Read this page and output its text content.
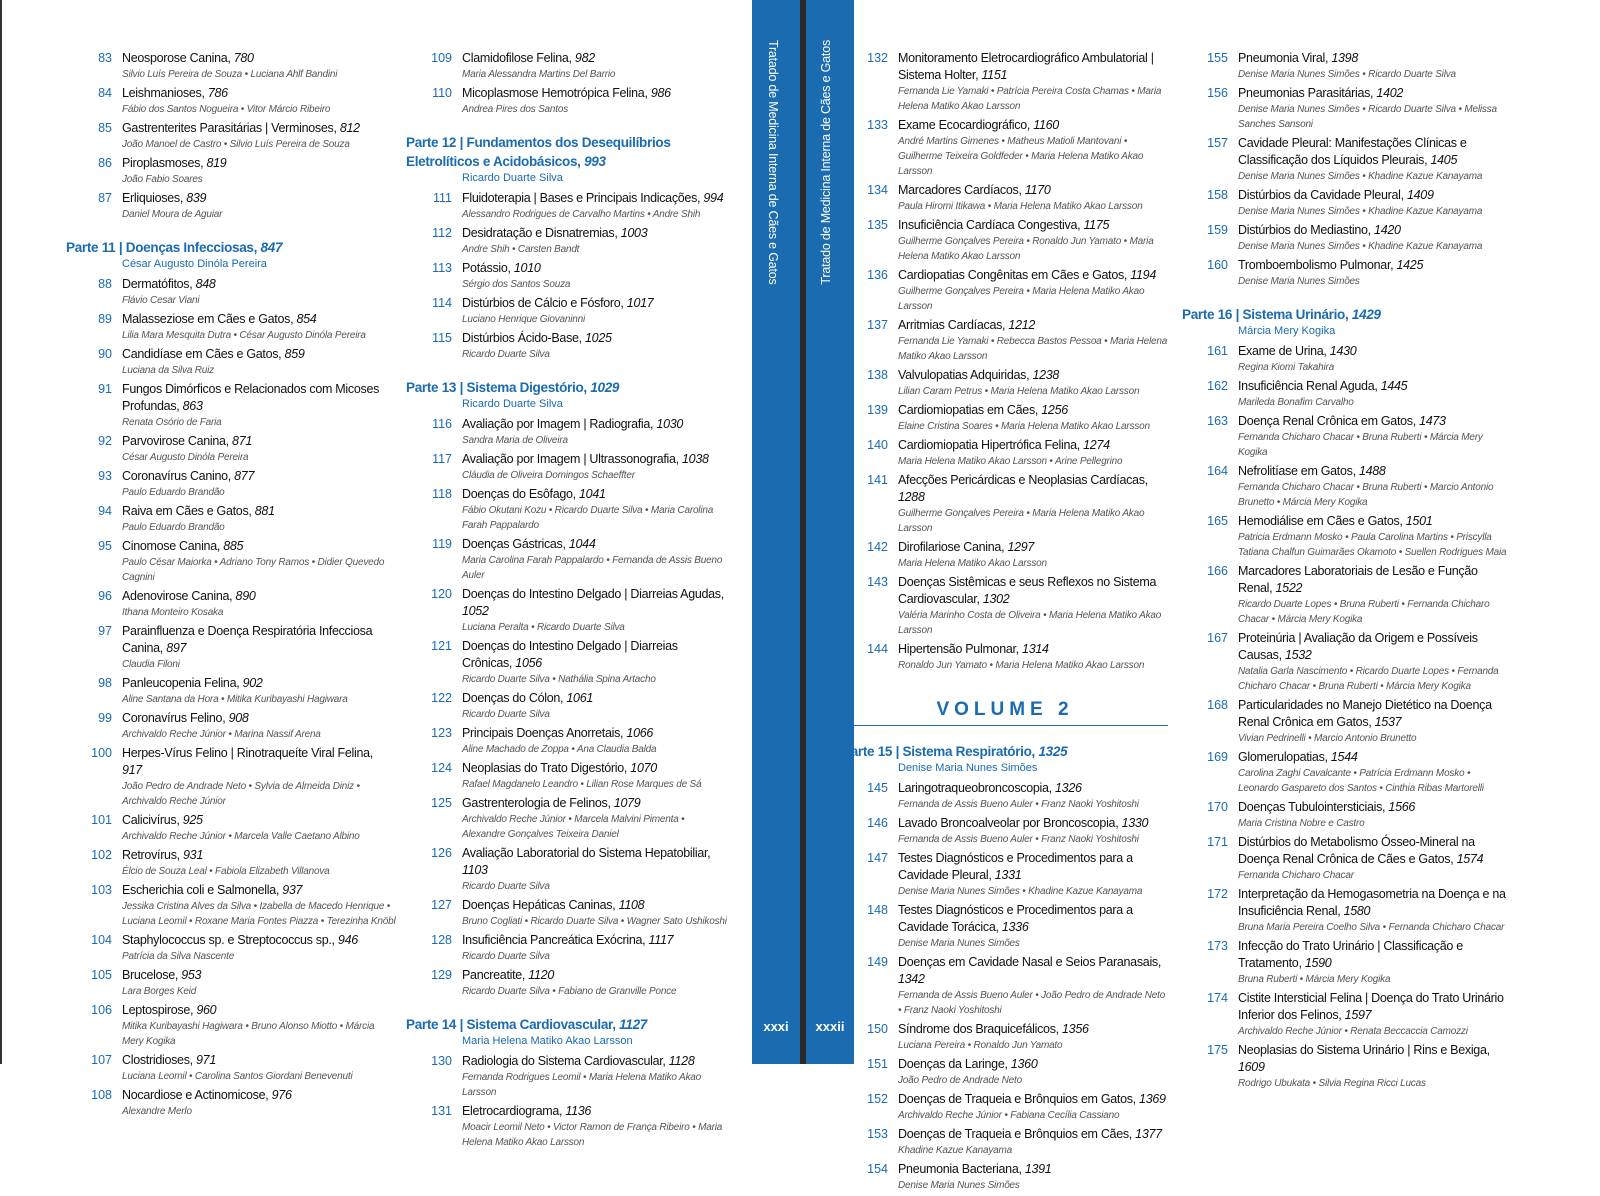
83 Neosporose Canina, 780
Silvio Luís Pereira de Souza • Luciana Ahlf Bandini
84 Leishmanioses, 786
Fábio dos Santos Nogueira • Vitor Márcio Ribeiro
85 Gastrenterites Parasitárias | Verminoses, 812
João Manoel de Castro • Silvio Luís Pereira de Souza
86 Piroplasmoses, 819
João Fabio Soares
87 Erliquioses, 839
Daniel Moura de Aguiar
Parte 11 | Doenças Infecciosas, 847
César Augusto Dinóla Pereira
88 Dermatófitos, 848
Flávio Cesar Viani
89 Malasseziose em Cães e Gatos, 854
Lilia Mara Mesquita Dutra • César Augusto Dinóla Pereira
90 Candidíase em Cães e Gatos, 859
Luciana da Silva Ruiz
91 Fungos Dimórficos e Relacionados com Micoses Profundas, 863
Renata Osório de Faria
92 Parvovirose Canina, 871
César Augusto Dinóla Pereira
93 Coronavírus Canino, 877
Paulo Eduardo Brandão
94 Raiva em Cães e Gatos, 881
Paulo Eduardo Brandão
95 Cinomose Canina, 885
Paulo César Maiorka • Adriano Tony Ramos • Didier Quevedo Cagnini
96 Adenovirose Canina, 890
Ithana Monteiro Kosaka
97 Parainfluenza e Doença Respiratória Infecciosa Canina, 897
Claudia Filoni
98 Panleucopenia Felina, 902
Aline Santana da Hora • Mitika Kuribayashi Hagiwara
99 Coronavírus Felino, 908
Archivaldo Reche Júnior • Marina Nassif Arena
100 Herpes-Vírus Felino | Rinotraqueíte Viral Felina, 917
João Pedro de Andrade Neto • Sylvia de Almeida Diniz • Archivaldo Reche Júnior
101 Calicivírus, 925
Archivaldo Reche Júnior • Marcela Valle Caetano Albino
102 Retrovírus, 931
Élcio de Souza Leal • Fabiola Elizabeth Villanova
103 Escherichia coli e Salmonella, 937
Jessika Cristina Alves da Silva • Izabella de Macedo Henrique • Luciana Leomil • Roxane Maria Fontes Piazza • Terezinha Knöbl
104 Staphylococcus sp. e Streptococcus sp., 946
Patrícia da Silva Nascente
105 Brucelose, 953
Lara Borges Keid
106 Leptospirose, 960
Mitika Kuribayashi Hagiwara • Bruno Alonso Miotto • Márcia Mery Kogika
107 Clostridioses, 971
Luciana Leomil • Carolina Santos Giordani Benevenuti
108 Nocardiose e Actinomicose, 976
Alexandre Merlo
109 Clamidofilose Felina, 982
Maria Alessandra Martins Del Barrio
110 Micoplasmose Hemotrópica Felina, 986
Andrea Pires dos Santos
Parte 12 | Fundamentos dos Desequilíbrios Eletrolíticos e Acidobásicos, 993
Ricardo Duarte Silva
111 Fluidoterapia | Bases e Principais Indicações, 994
Alessandro Rodrigues de Carvalho Martins • Andre Shih
112 Desidratação e Disnatremias, 1003
Andre Shih • Carsten Bandt
113 Potássio, 1010
Sérgio dos Santos Souza
114 Distúrbios de Cálcio e Fósforo, 1017
Luciano Henrique Giovaninni
115 Distúrbios Ácido-Base, 1025
Ricardo Duarte Silva
Parte 13 | Sistema Digestório, 1029
Ricardo Duarte Silva
116 Avaliação por Imagem | Radiografia, 1030
Sandra Maria de Oliveira
117 Avaliação por Imagem | Ultrassonografia, 1038
Cláudia de Oliveira Domingos Schaeffter
118 Doenças do Esôfago, 1041
Fábio Okutani Kozu • Ricardo Duarte Silva • Maria Carolina Farah Pappalardo
119 Doenças Gástricas, 1044
Maria Carolina Farah Pappalardo • Fernanda de Assis Bueno Auler
120 Doenças do Intestino Delgado | Diarreias Agudas, 1052
Luciana Peralta • Ricardo Duarte Silva
121 Doenças do Intestino Delgado | Diarreias Crônicas, 1056
Ricardo Duarte Silva • Nathália Spina Artacho
122 Doenças do Cólon, 1061
Ricardo Duarte Silva
123 Principais Doenças Anorretais, 1066
Aline Machado de Zoppa • Ana Claudia Balda
124 Neoplasias do Trato Digestório, 1070
Rafael Magdanelo Leandro • Lilian Rose Marques de Sá
125 Gastrenterologia de Felinos, 1079
Archivaldo Reche Júnior • Marcela Malvini Pimenta • Alexandre Gonçalves Teixeira Daniel
126 Avaliação Laboratorial do Sistema Hepatobiliar, 1103
Ricardo Duarte Silva
127 Doenças Hepáticas Caninas, 1108
Bruno Cogliati • Ricardo Duarte Silva • Wagner Sato Ushikoshi
128 Insuficiência Pancreática Exócrina, 1117
Ricardo Duarte Silva
129 Pancreatite, 1120
Ricardo Duarte Silva • Fabiano de Granville Ponce
Parte 14 | Sistema Cardiovascular, 1127
Maria Helena Matiko Akao Larsson
130 Radiologia do Sistema Cardiovascular, 1128
Fernanda Rodrigues Leomil • Maria Helena Matiko Akao Larsson
131 Eletrocardiograma, 1136
Moacir Leomil Neto • Victor Ramon de França Ribeiro • Maria Helena Matiko Akao Larsson
Tratado de Medicina Interna de Cães e Gatos
xxxi
Tratado de Medicina Interna de Cães e Gatos
xxxii
132 Monitoramento Eletrocardiográfico Ambulatorial | Sistema Holter, 1151
Fernanda Lie Yamaki • Patrícia Pereira Costa Chamas • Maria Helena Matiko Akao Larsson
133 Exame Ecocardiográfico, 1160
André Martins Gimenes • Matheus Matioli Mantovani • Guilherme Teixeira Goldfeder • Maria Helena Matiko Akao Larsson
134 Marcadores Cardíacos, 1170
Paula Hiromi Itikawa • Maria Helena Matiko Akao Larsson
135 Insuficiência Cardíaca Congestiva, 1175
Guilherme Gonçalves Pereira • Ronaldo Jun Yamato • Maria Helena Matiko Akao Larsson
136 Cardiopatias Congênitas em Cães e Gatos, 1194
Guilherme Gonçalves Pereira • Maria Helena Matiko Akao Larsson
137 Arritmias Cardíacas, 1212
Fernanda Lie Yamaki • Rebecca Bastos Pessoa • Maria Helena Matiko Akao Larsson
138 Valvulopatias Adquiridas, 1238
Lilian Caram Petrus • Maria Helena Matiko Akao Larsson
139 Cardiomiopatias em Cães, 1256
Elaine Cristina Soares • Maria Helena Matiko Akao Larsson
140 Cardiomiopatia Hipertrófica Felina, 1274
Maria Helena Matiko Akao Larsson • Arine Pellegrino
141 Afecções Pericárdicas e Neoplasias Cardíacas, 1288
Guilherme Gonçalves Pereira • Maria Helena Matiko Akao Larsson
142 Dirofilariose Canina, 1297
Maria Helena Matiko Akao Larsson
143 Doenças Sistêmicas e seus Reflexos no Sistema Cardiovascular, 1302
Valéria Marinho Costa de Oliveira • Maria Helena Matiko Akao Larsson
144 Hipertensão Pulmonar, 1314
Ronaldo Jun Yamato • Maria Helena Matiko Akao Larsson
VOLUME 2
Parte 15 | Sistema Respiratório, 1325
Denise Maria Nunes Simões
145 Laringotraqueobroncoscopia, 1326
Fernanda de Assis Bueno Auler • Franz Naoki Yoshitoshi
146 Lavado Broncoalveolar por Broncoscopia, 1330
Fernanda de Assis Bueno Auler • Franz Naoki Yoshitoshi
147 Testes Diagnósticos e Procedimentos para a Cavidade Pleural, 1331
Denise Maria Nunes Simões • Khadine Kazue Kanayama
148 Testes Diagnósticos e Procedimentos para a Cavidade Torácica, 1336
Denise Maria Nunes Simões
149 Doenças em Cavidade Nasal e Seios Paranasais, 1342
Fernanda de Assis Bueno Auler • João Pedro de Andrade Neto • Franz Naoki Yoshitoshi
150 Síndrome dos Braquicefálicos, 1356
Luciana Pereira • Ronaldo Jun Yamato
151 Doenças da Laringe, 1360
João Pedro de Andrade Neto
152 Doenças de Traqueia e Brônquios em Gatos, 1369
Archivaldo Reche Júnior • Fabiana Cecília Cassiano
153 Doenças de Traqueia e Brônquios em Cães, 1377
Khadine Kazue Kanayama
154 Pneumonia Bacteriana, 1391
Denise Maria Nunes Simões
155 Pneumonia Viral, 1398
Denise Maria Nunes Simões • Ricardo Duarte Silva
156 Pneumonias Parasitárias, 1402
Denise Maria Nunes Simões • Ricardo Duarte Silva • Melissa Sanches Sansoni
157 Cavidade Pleural: Manifestações Clínicas e Classificação dos Líquidos Pleurais, 1405
Denise Maria Nunes Simões • Khadine Kazue Kanayama
158 Distúrbios da Cavidade Pleural, 1409
Denise Maria Nunes Simões • Khadine Kazue Kanayama
159 Distúrbios do Mediastino, 1420
Denise Maria Nunes Simões • Khadine Kazue Kanayama
160 Tromboembolismo Pulmonar, 1425
Denise Maria Nunes Simões
Parte 16 | Sistema Urinário, 1429
Márcia Mery Kogika
161 Exame de Urina, 1430
Regina Kiomi Takahira
162 Insuficiência Renal Aguda, 1445
Marileda Bonafim Carvalho
163 Doença Renal Crônica em Gatos, 1473
Fernanda Chicharo Chacar • Bruna Ruberti • Márcia Mery Kogika
164 Nefrolitíase em Gatos, 1488
Fernanda Chicharo Chacar • Bruna Ruberti • Marcio Antonio Brunetto • Márcia Mery Kogika
165 Hemodiálise em Cães e Gatos, 1501
Patricia Erdmann Mosko • Paula Carolina Martins • Priscylla Tatiana Chalfun Guimarães Okamoto • Suellen Rodrigues Maia
166 Marcadores Laboratoriais de Lesão e Função Renal, 1522
Ricardo Duarte Lopes • Bruna Ruberti • Fernanda Chicharo Chacar • Márcia Mery Kogika
167 Proteinúria | Avaliação da Origem e Possíveis Causas, 1532
Natalia Garla Nascimento • Ricardo Duarte Lopes • Fernanda Chicharo Chacar • Bruna Ruberti • Márcia Mery Kogika
168 Particularidades no Manejo Dietético na Doença Renal Crônica em Gatos, 1537
Vivian Pedrinelli • Marcio Antonio Brunetto
169 Glomerulopatias, 1544
Carolina Zaghi Cavalcante • Patrícia Erdmann Mosko • Leonardo Gaspareto dos Santos • Cinthia Ribas Martorelli
170 Doenças Tubulointersticiais, 1566
Maria Cristina Nobre e Castro
171 Distúrbios do Metabolismo Ósseo-Mineral na Doença Renal Crônica de Cães e Gatos, 1574
Fernanda Chicharo Chacar
172 Interpretação da Hemogasometria na Doença e na Insuficiência Renal, 1580
Bruna Maria Pereira Coelho Silva • Fernanda Chicharo Chacar
173 Infecção do Trato Urinário | Classificação e Tratamento, 1590
Bruna Ruberti • Márcia Mery Kogika
174 Cistite Intersticial Felina | Doença do Trato Urinário Inferior dos Felinos, 1597
Archivaldo Reche Júnior • Renata Beccaccia Camozzi
175 Neoplasias do Sistema Urinário | Rins e Bexiga, 1609
Rodrigo Ubukata • Silvia Regina Ricci Lucas
